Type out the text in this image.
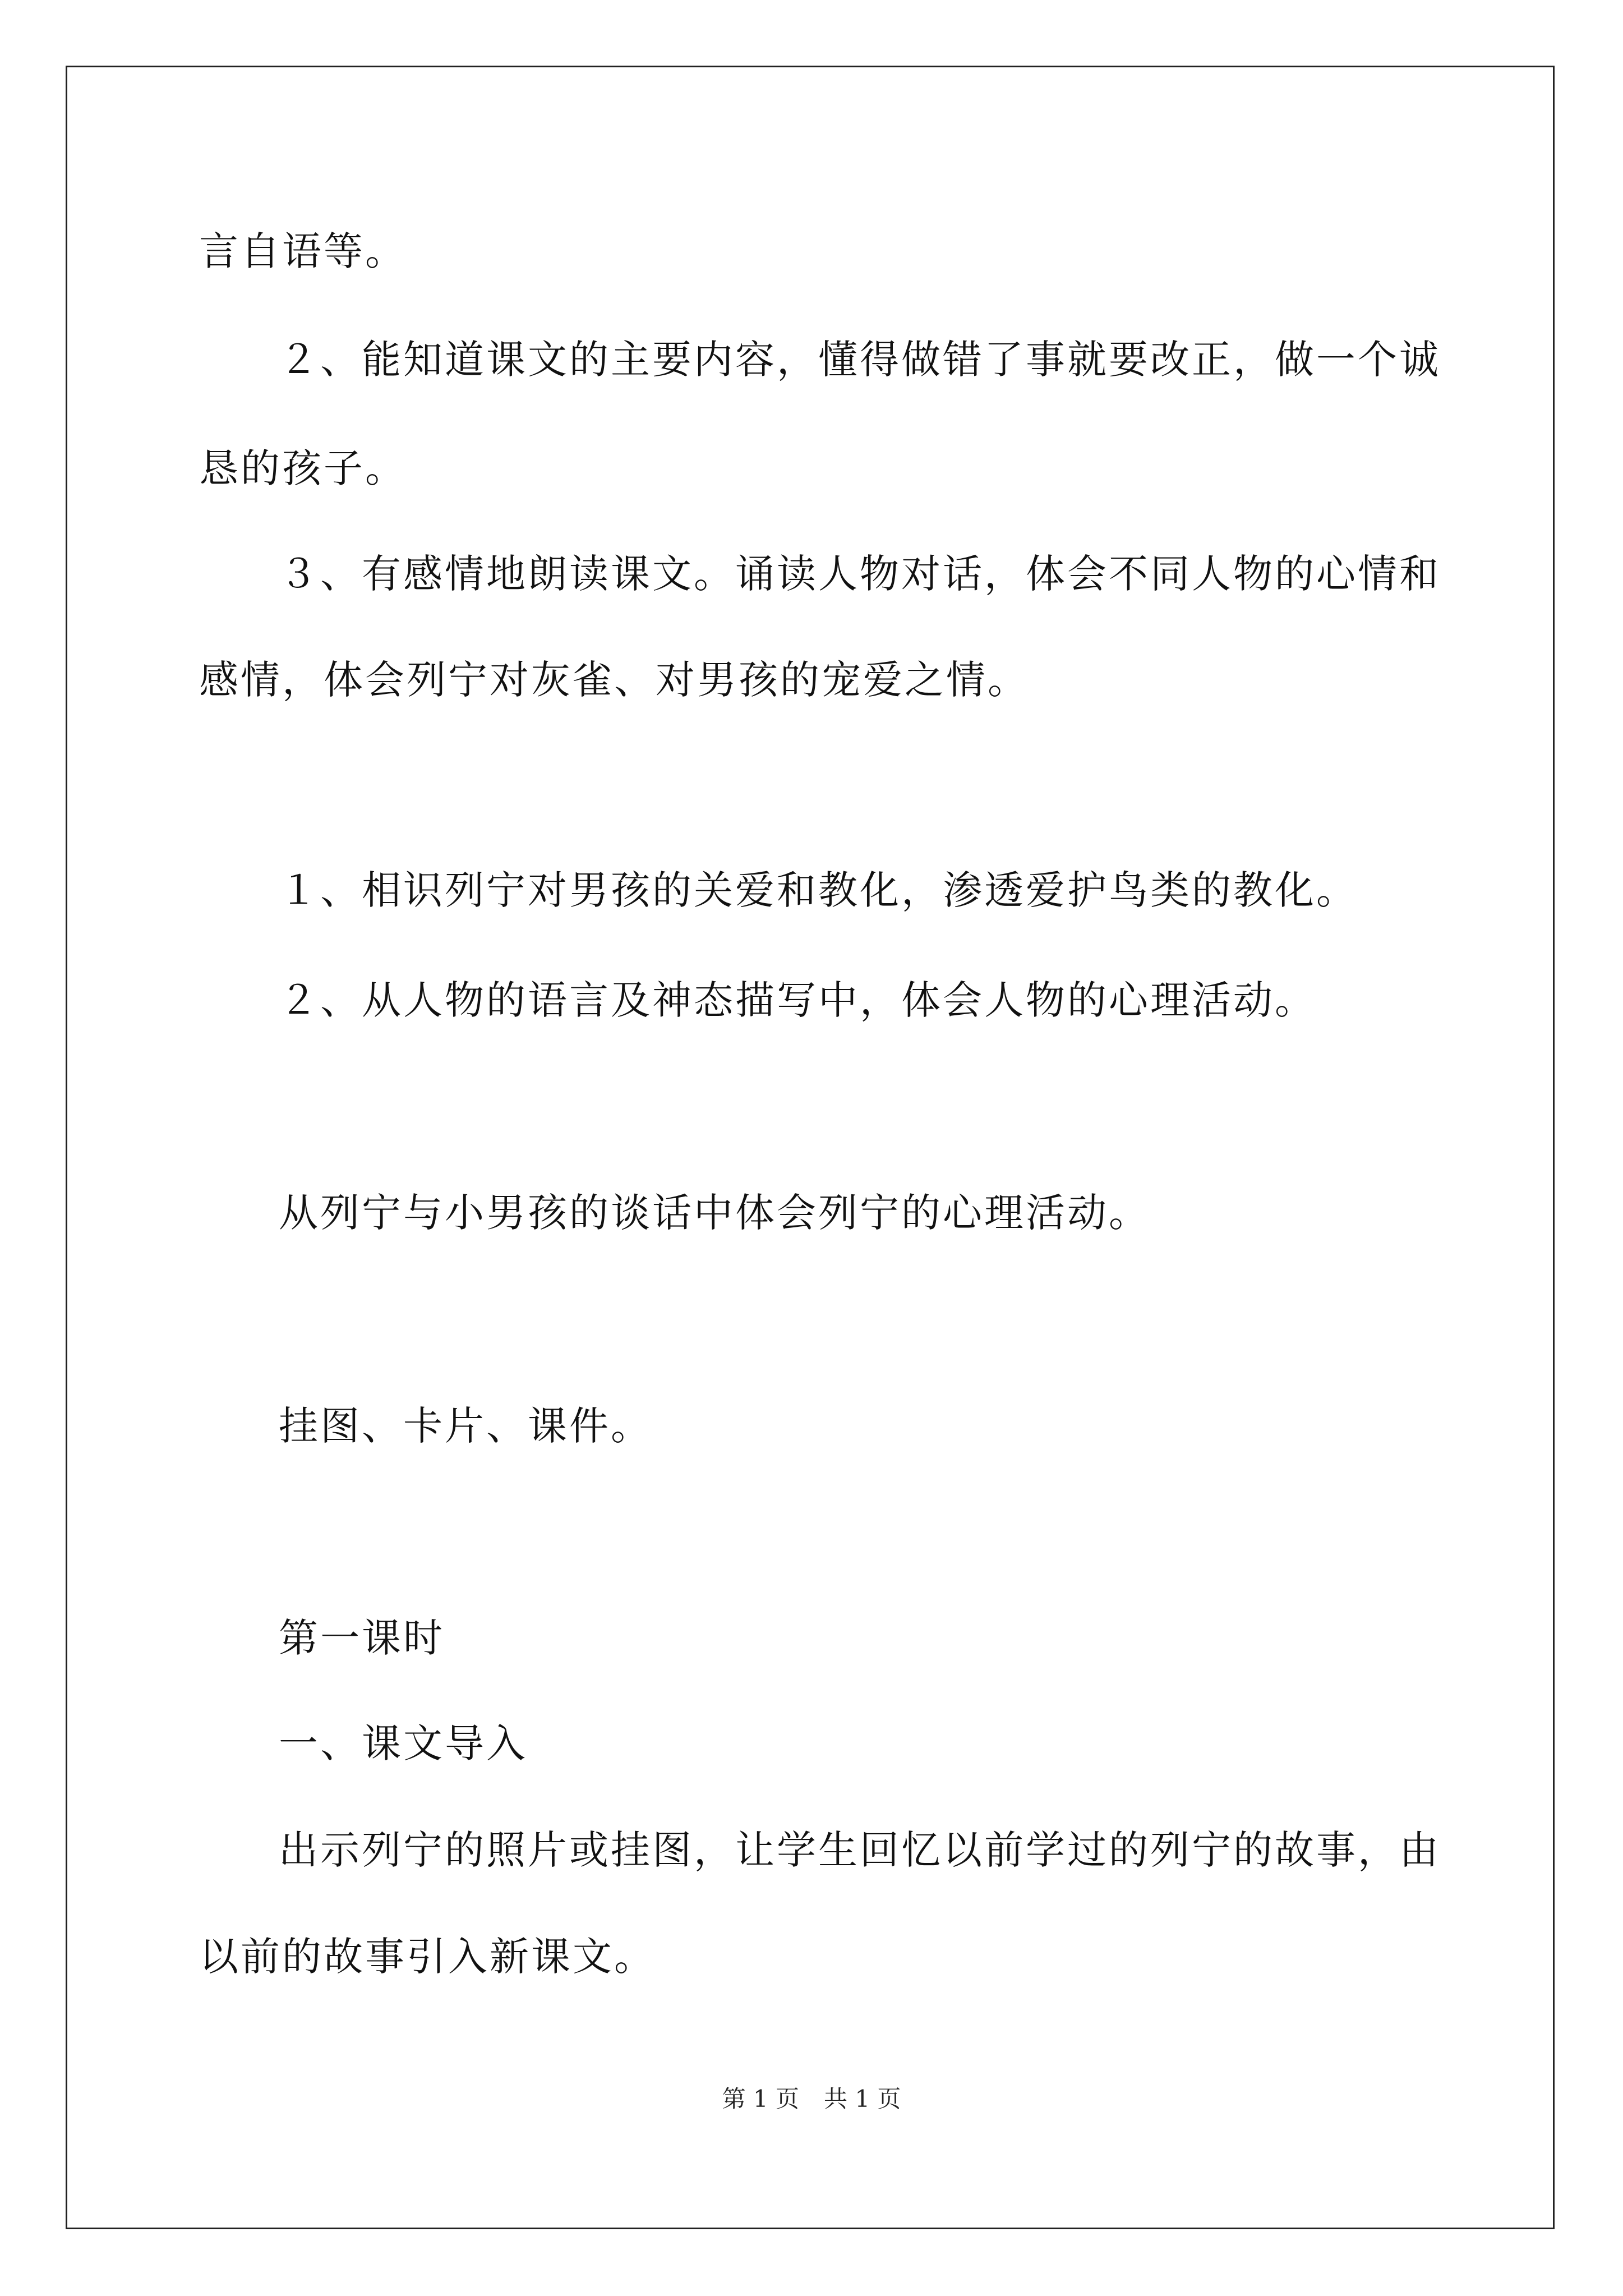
言自语等。
２、能知道课文的主要内容，懂得做错了事就要改正，做一个诚
恳的孩子。
３、有感情地朗读课文。诵读人物对话，体会不同人物的心情和
感情，体会列宁对灰雀、对男孩的宠爱之情。
１、相识列宁对男孩的关爱和教化，渗透爱护鸟类的教化。
２、从人物的语言及神态描写中，体会人物的心理活动。
从列宁与小男孩的谈话中体会列宁的心理活动。
挂图、卡片、课件。
第一课时
一、课文导入
出示列宁的照片或挂图，让学生回忆以前学过的列宁的故事，由
以前的故事引入新课文。
第 1 页 共 1 页
